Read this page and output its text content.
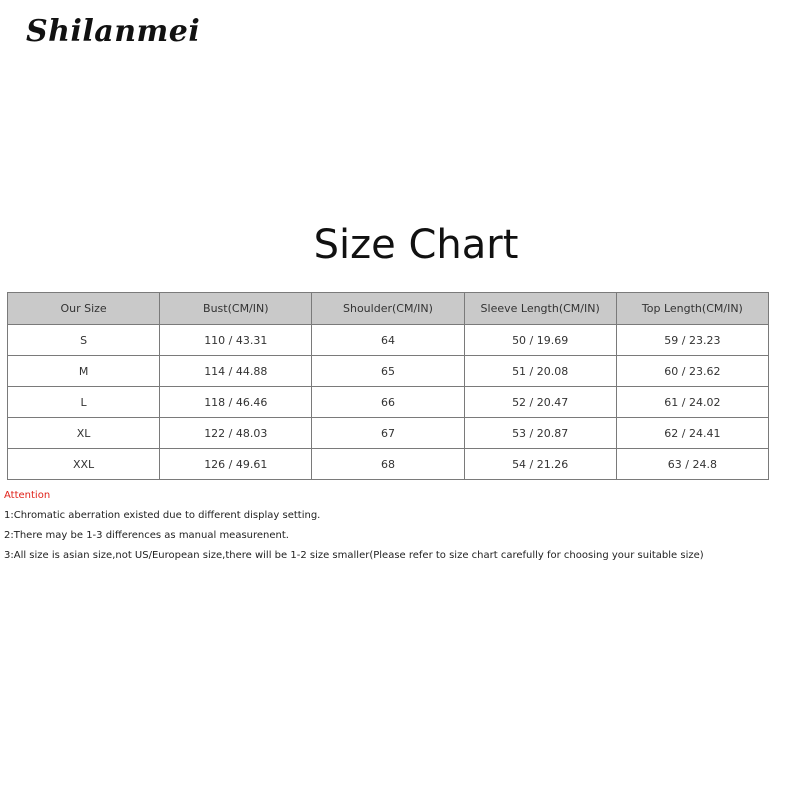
Shilanmei
Size Chart
Our Size	Bust(CM/IN)	Shoulder(CM/IN)	Sleeve Length(CM/IN)	Top Length(CM/IN)
S	110 / 43.31	64	50 / 19.69	59 / 23.23
M	114 / 44.88	65	51 / 20.08	60 / 23.62
L	118 / 46.46	66	52 / 20.47	61 / 24.02
XL	122 / 48.03	67	53 / 20.87	62 / 24.41
XXL	126 / 49.61	68	54 / 21.26	63 / 24.8
Attention
1:Chromatic aberration existed due to different display setting.
2:There may be 1-3 differences as manual measurenent.
3:All size is asian size,not US/European size,there will be 1-2 size smaller(Please refer to size chart carefully for choosing your suitable size)
